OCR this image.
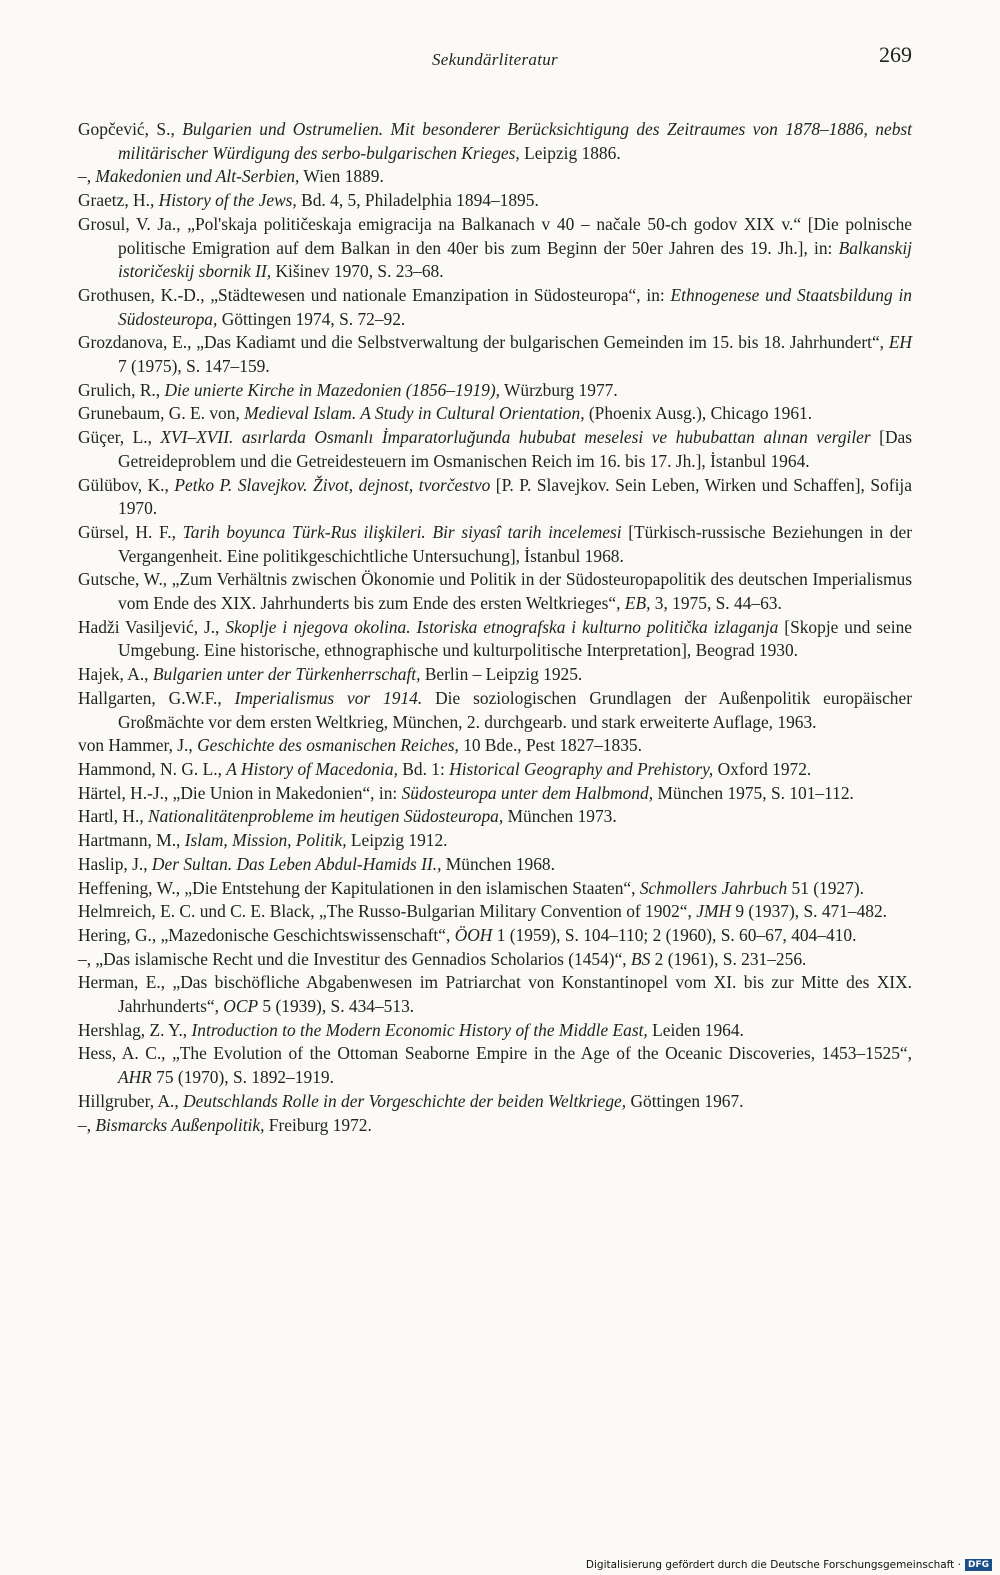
Sekundärliteratur	269
Gopčević, S., Bulgarien und Ostrumelien. Mit besonderer Berücksichtigung des Zeitraumes von 1878–1886, nebst militärischer Würdigung des serbo-bulgarischen Krieges, Leipzig 1886.
–, Makedonien und Alt-Serbien, Wien 1889.
Graetz, H., History of the Jews, Bd. 4, 5, Philadelphia 1894–1895.
Grosul, V. Ja., „Pol'skaja političeskaja emigracija na Balkanach v 40 – načale 50-ch godov XIX v.“ [Die polnische politische Emigration auf dem Balkan in den 40er bis zum Beginn der 50er Jahren des 19. Jh.], in: Balkanskij istoričeskij sbornik II, Kišinev 1970, S. 23–68.
Grothusen, K.-D., „Städtewesen und nationale Emanzipation in Südosteuropa“, in: Ethnogenese und Staatsbildung in Südosteuropa, Göttingen 1974, S. 72–92.
Grozdanova, E., „Das Kadiamt und die Selbstverwaltung der bulgarischen Gemeinden im 15. bis 18. Jahrhundert“, EH 7 (1975), S. 147–159.
Grulich, R., Die unierte Kirche in Mazedonien (1856–1919), Würzburg 1977.
Grunebaum, G. E. von, Medieval Islam. A Study in Cultural Orientation, (Phoenix Ausg.), Chicago 1961.
Güçer, L., XVI–XVII. asırlarda Osmanlı İmparatorluğunda hububat meselesi ve hububattan alınan vergiler [Das Getreideproblem und die Getreidesteuern im Osmanischen Reich im 16. bis 17. Jh.], İstanbul 1964.
Gülübov, K., Petko P. Slavejkov. Život, dejnost, tvorčestvo [P. P. Slavejkov. Sein Leben, Wirken und Schaffen], Sofija 1970.
Gürsel, H. F., Tarih boyunca Türk-Rus ilişkileri. Bir siyasî tarih incelemesi [Türkisch-russische Beziehungen in der Vergangenheit. Eine politikgeschichtliche Untersuchung], İstanbul 1968.
Gutsche, W., „Zum Verhältnis zwischen Ökonomie und Politik in der Südosteuropapolitik des deutschen Imperialismus vom Ende des XIX. Jahrhunderts bis zum Ende des ersten Weltkrieges“, EB, 3, 1975, S. 44–63.
Hadži Vasiljević, J., Skoplje i njegova okolina. Istoriska etnografska i kulturno politička izlaganja [Skopje und seine Umgebung. Eine historische, ethnographische und kulturpolitische Interpretation], Beograd 1930.
Hajek, A., Bulgarien unter der Türkenherrschaft, Berlin – Leipzig 1925.
Hallgarten, G.W.F., Imperialismus vor 1914. Die soziologischen Grundlagen der Außenpolitik europäischer Großmächte vor dem ersten Weltkrieg, München, 2. durchgearb. und stark erweiterte Auflage, 1963.
von Hammer, J., Geschichte des osmanischen Reiches, 10 Bde., Pest 1827–1835.
Hammond, N. G. L., A History of Macedonia, Bd. 1: Historical Geography and Prehistory, Oxford 1972.
Härtel, H.-J., „Die Union in Makedonien“, in: Südosteuropa unter dem Halbmond, München 1975, S. 101–112.
Hartl, H., Nationalitätenprobleme im heutigen Südosteuropa, München 1973.
Hartmann, M., Islam, Mission, Politik, Leipzig 1912.
Haslip, J., Der Sultan. Das Leben Abdul-Hamids II., München 1968.
Heffening, W., „Die Entstehung der Kapitulationen in den islamischen Staaten“, Schmollers Jahrbuch 51 (1927).
Helmreich, E. C. und C. E. Black, „The Russo-Bulgarian Military Convention of 1902“, JMH 9 (1937), S. 471–482.
Hering, G., „Mazedonische Geschichtswissenschaft“, ÖOH 1 (1959), S. 104–110; 2 (1960), S. 60–67, 404–410.
–, „Das islamische Recht und die Investitur des Gennadios Scholarios (1454)“, BS 2 (1961), S. 231–256.
Herman, E., „Das bischöfliche Abgabenwesen im Patriarchat von Konstantinopel vom XI. bis zur Mitte des XIX. Jahrhunderts“, OCP 5 (1939), S. 434–513.
Hershlag, Z. Y., Introduction to the Modern Economic History of the Middle East, Leiden 1964.
Hess, A. C., „The Evolution of the Ottoman Seaborne Empire in the Age of the Oceanic Discoveries, 1453–1525“, AHR 75 (1970), S. 1892–1919.
Hillgruber, A., Deutschlands Rolle in der Vorgeschichte der beiden Weltkriege, Göttingen 1967.
–, Bismarcks Außenpolitik, Freiburg 1972.
Digitalisierung gefördert durch die Deutsche Forschungsgemeinschaft · DFG
